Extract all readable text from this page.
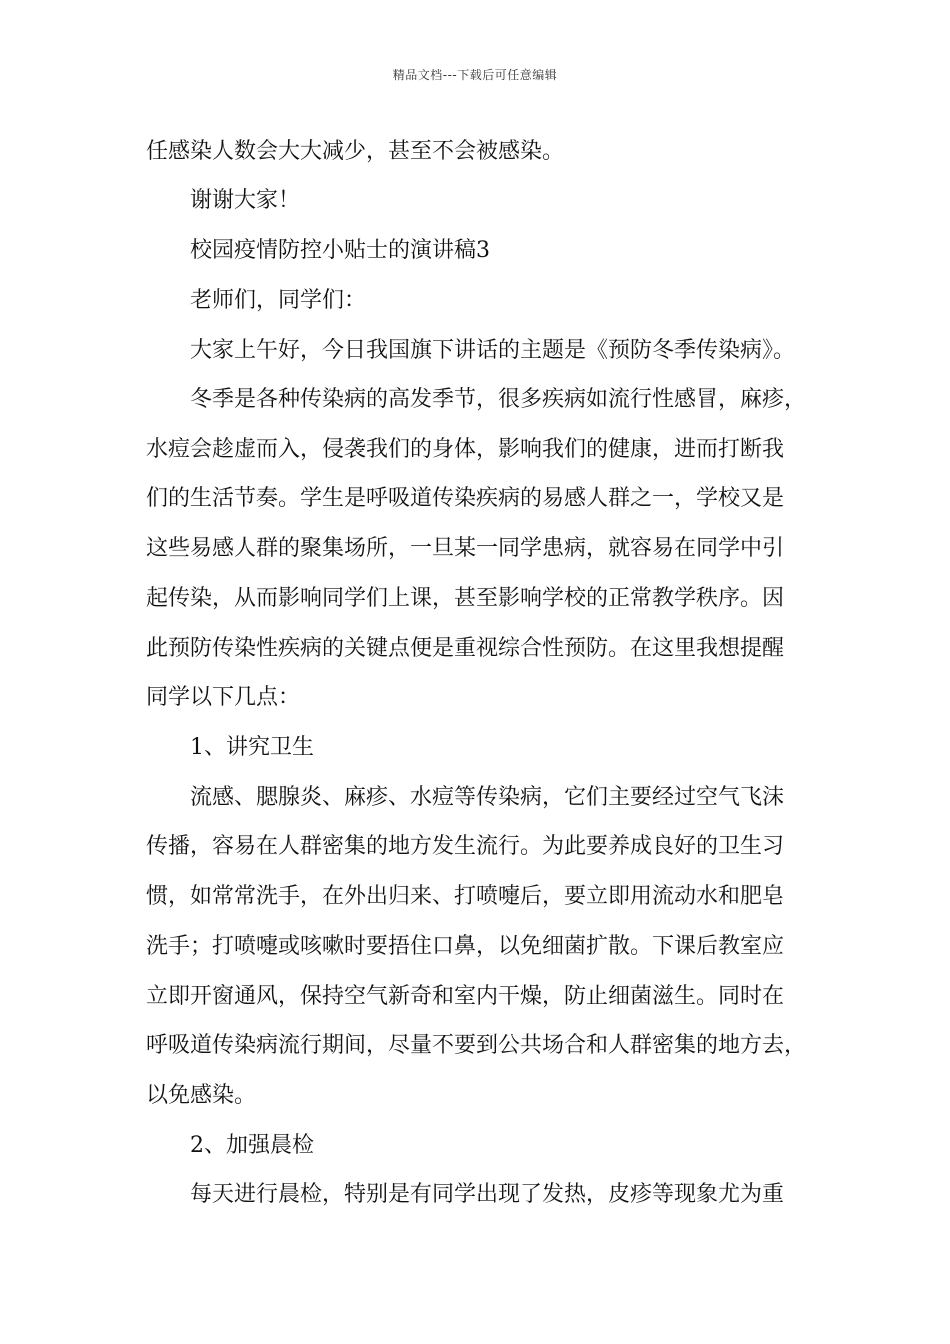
精品文档---下载后可任意编辑
任感染人数会大大减少，甚至不会被感染。
谢谢大家！
校园疫情防控小贴士的演讲稿3
老师们，同学们：
大家上午好，今日我国旗下讲话的主题是《预防冬季传染病》。
冬季是各种传染病的高发季节，很多疾病如流行性感冒，麻疹，
水痘会趁虚而入，侵袭我们的身体，影响我们的健康，进而打断我
们的生活节奏。学生是呼吸道传染疾病的易感人群之一，学校又是
这些易感人群的聚集场所，一旦某一同学患病，就容易在同学中引
起传染，从而影响同学们上课，甚至影响学校的正常教学秩序。因
此预防传染性疾病的关键点便是重视综合性预防。在这里我想提醒
同学以下几点：
1、讲究卫生
流感、腮腺炎、麻疹、水痘等传染病，它们主要经过空气飞沫
传播，容易在人群密集的地方发生流行。为此要养成良好的卫生习
惯，如常常洗手，在外出归来、打喷嚏后，要立即用流动水和肥皂
洗手；打喷嚏或咳嗽时要捂住口鼻，以免细菌扩散。下课后教室应
立即开窗通风，保持空气新奇和室内干燥，防止细菌滋生。同时在
呼吸道传染病流行期间，尽量不要到公共场合和人群密集的地方去，
以免感染。
2、加强晨检
每天进行晨检，特别是有同学出现了发热，皮疹等现象尤为重
